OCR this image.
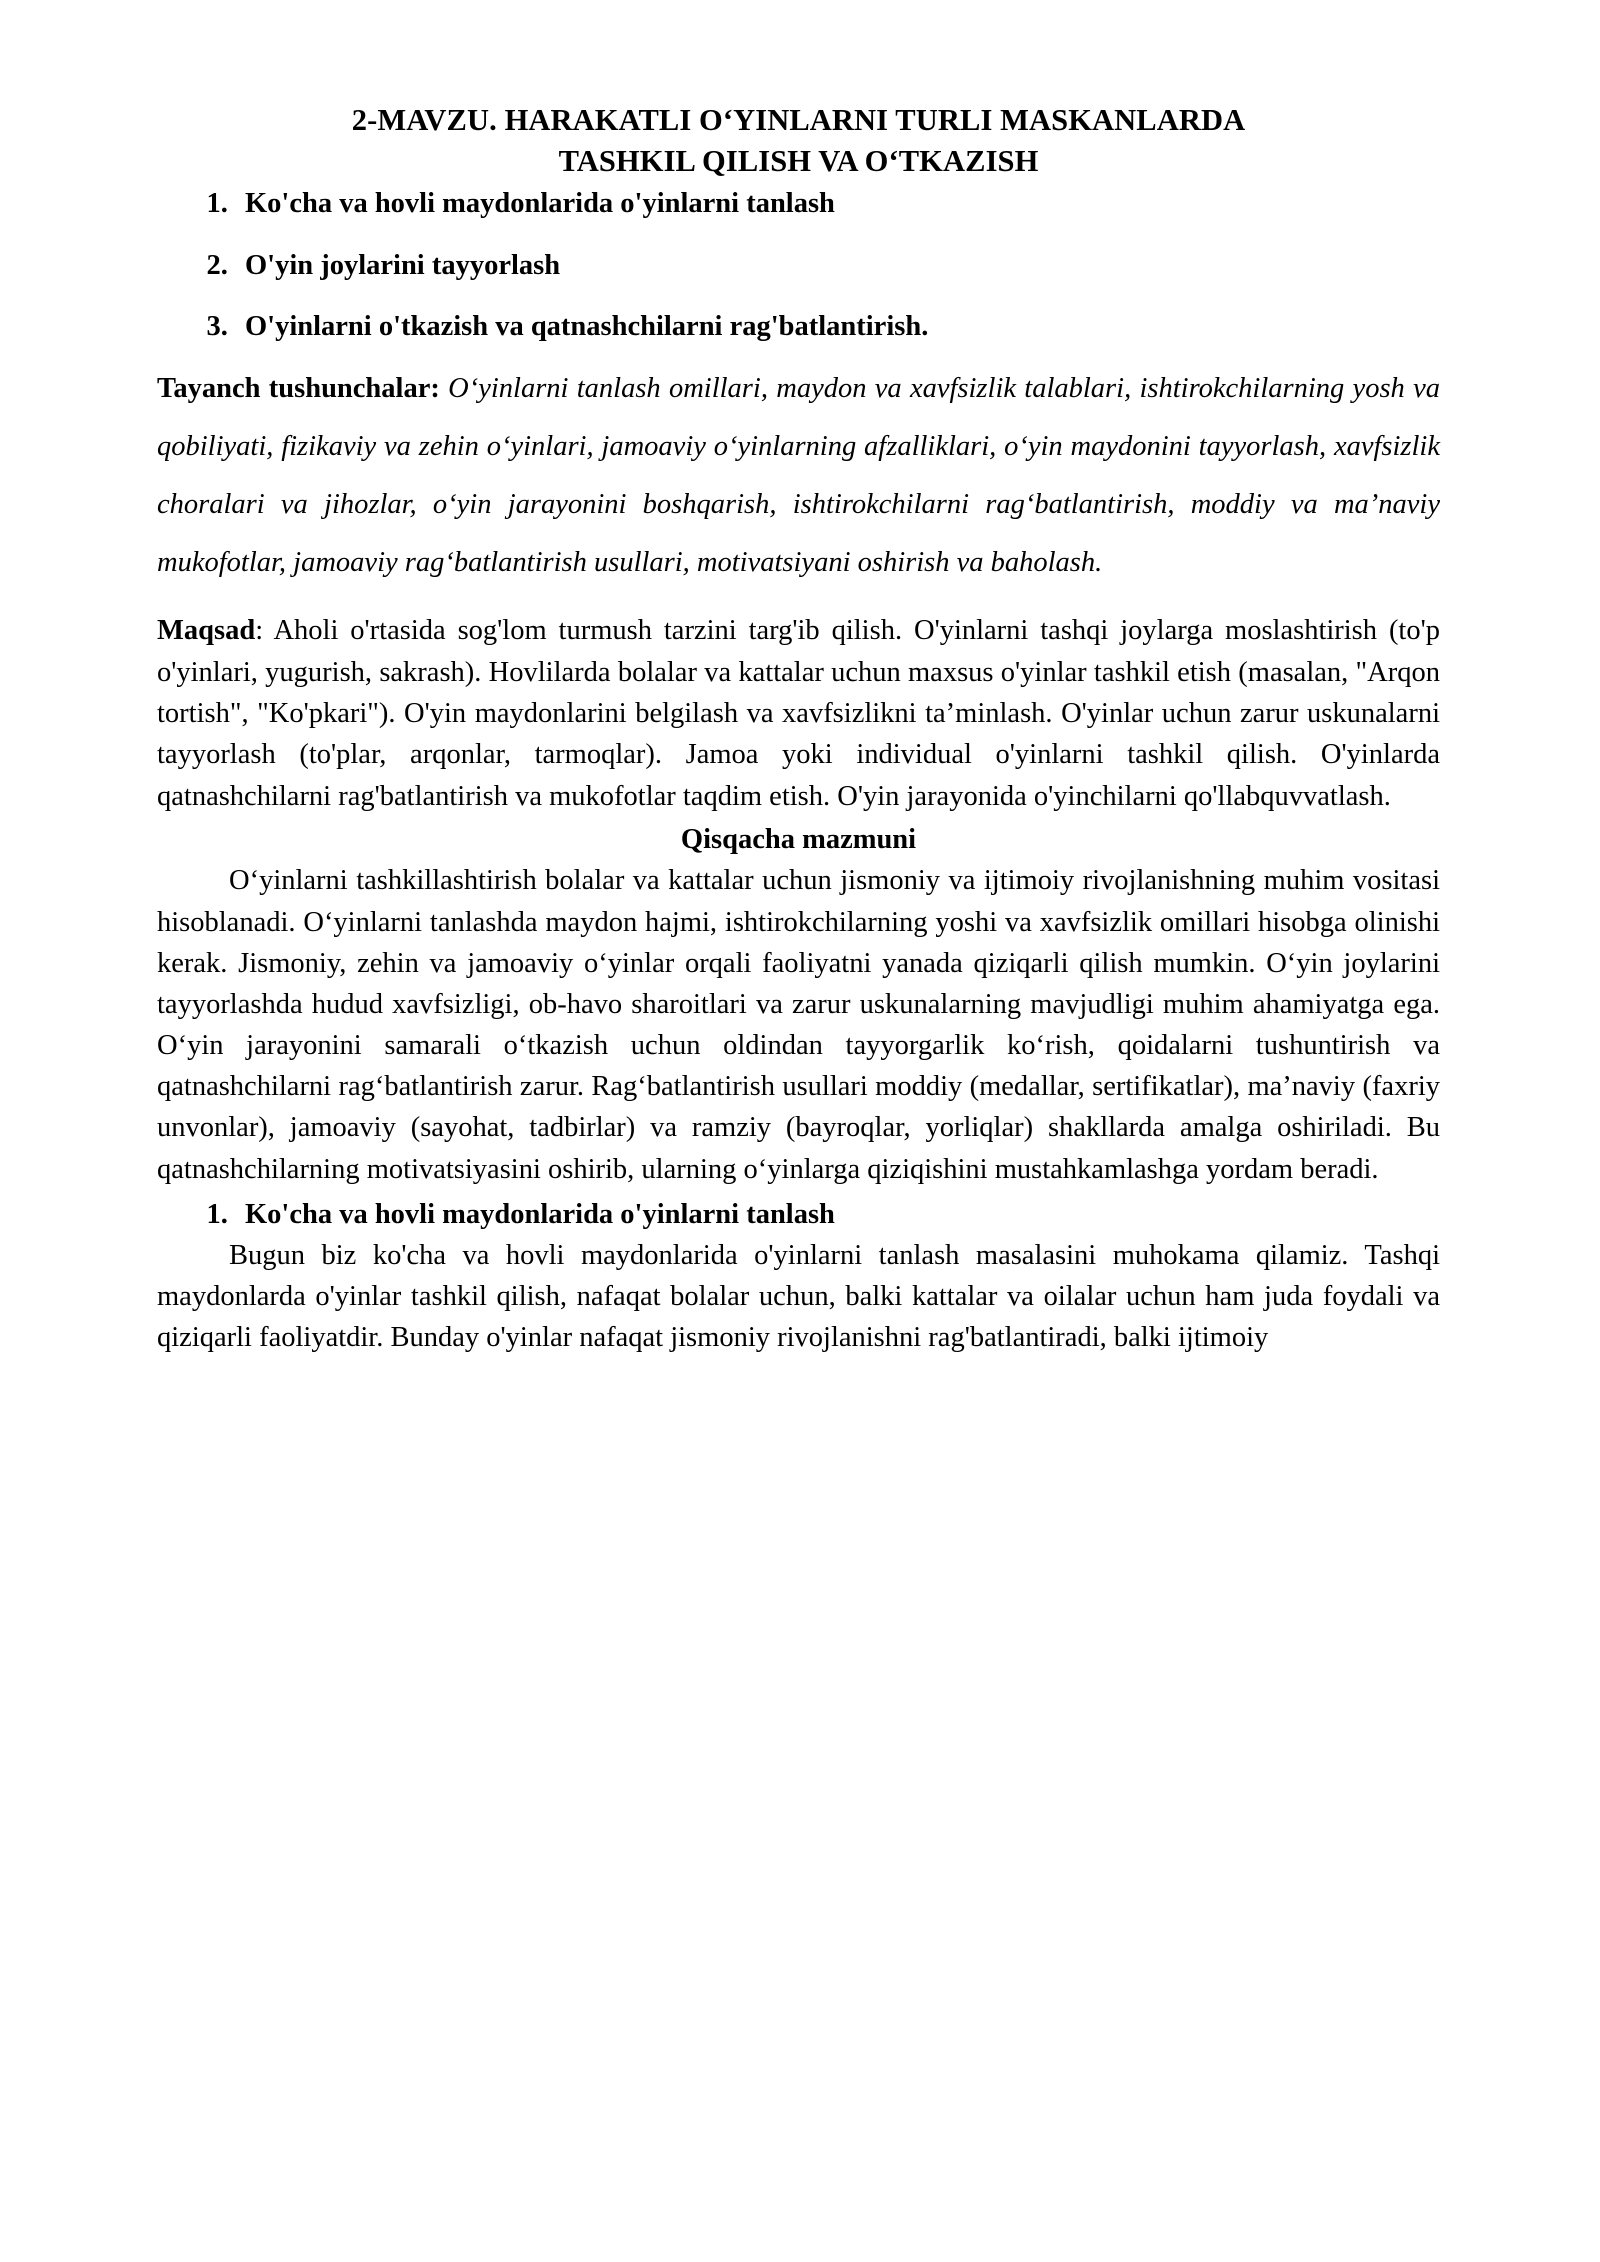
2-MAVZU. HARAKATLI O‘YINLARNI TURLI MASKANLARDA
TASHKIL QILISH VA O‘TKAZISH
1. Ko'cha va hovli maydonlarida o'yinlarni tanlash
2. O'yin joylarini tayyorlash
3. O'yinlarni o'tkazish va qatnashchilarni rag'batlantirish.

Tayanch tushunchalar: O‘yinlarni tanlash omillari, maydon va xavfsizlik talablari, ishtirokchilarning yosh va qobiliyati, fizikaviy va zehin o‘yinlari, jamoaviy o‘yinlarning afzalliklari, o‘yin maydonini tayyorlash, xavfsizlik choralari va jihozlar, o‘yin jarayonini boshqarish, ishtirokchilarni rag‘batlantirish, moddiy va ma’naviy mukofotlar, jamoaviy rag‘batlantirish usullari, motivatsiyani oshirish va baholash.

Maqsad: Aholi o'rtasida sog'lom turmush tarzini targ'ib qilish. O'yinlarni tashqi joylarga moslashtirish (to'p o'yinlari, yugurish, sakrash). Hovlilarda bolalar va kattalar uchun maxsus o'yinlar tashkil etish (masalan, "Arqon tortish", "Ko'pkari"). O'yin maydonlarini belgilash va xavfsizlikni ta’minlash. O'yinlar uchun zarur uskunalarni tayyorlash (to'plar, arqonlar, tarmoqlar). Jamoa yoki individual o'yinlarni tashkil qilish. O'yinlarda qatnashchilarni rag'batlantirish va mukofotlar taqdim etish. O'yin jarayonida o'yinchilarni qo'llabquvvatlash.

Qisqacha mazmuni

O‘yinlarni tashkillashtirish bolalar va kattalar uchun jismoniy va ijtimoiy rivojlanishning muhim vositasi hisoblanadi. O‘yinlarni tanlashda maydon hajmi, ishtirokchilarning yoshi va xavfsizlik omillari hisobga olinishi kerak. Jismoniy, zehin va jamoaviy o‘yinlar orqali faoliyatni yanada qiziqarli qilish mumkin. O‘yin joylarini tayyorlashda hudud xavfsizligi, ob-havo sharoitlari va zarur uskunalarning mavjudligi muhim ahamiyatga ega. O‘yin jarayonini samarali o‘tkazish uchun oldindan tayyorgarlik ko‘rish, qoidalarni tushuntirish va qatnashchilarni rag‘batlantirish zarur. Rag‘batlantirish usullari moddiy (medallar, sertifikatlar), ma’naviy (faxriy unvonlar), jamoaviy (sayohat, tadbirlar) va ramziy (bayroqlar, yorliqlar) shakllarda amalga oshiriladi. Bu qatnashchilarning motivatsiyasini oshirib, ularning o‘yinlarga qiziqishini mustahkamlashga yordam beradi.

1. Ko'cha va hovli maydonlarida o'yinlarni tanlash

Bugun biz ko'cha va hovli maydonlarida o'yinlarni tanlash masalasini muhokama qilamiz. Tashqi maydonlarda o'yinlar tashkil qilish, nafaqat bolalar uchun, balki kattalar va oilalar uchun ham juda foydali va qiziqarli faoliyatdir. Bunday o'yinlar nafaqat jismoniy rivojlanishni rag'batlantiradi, balki ijtimoiy
